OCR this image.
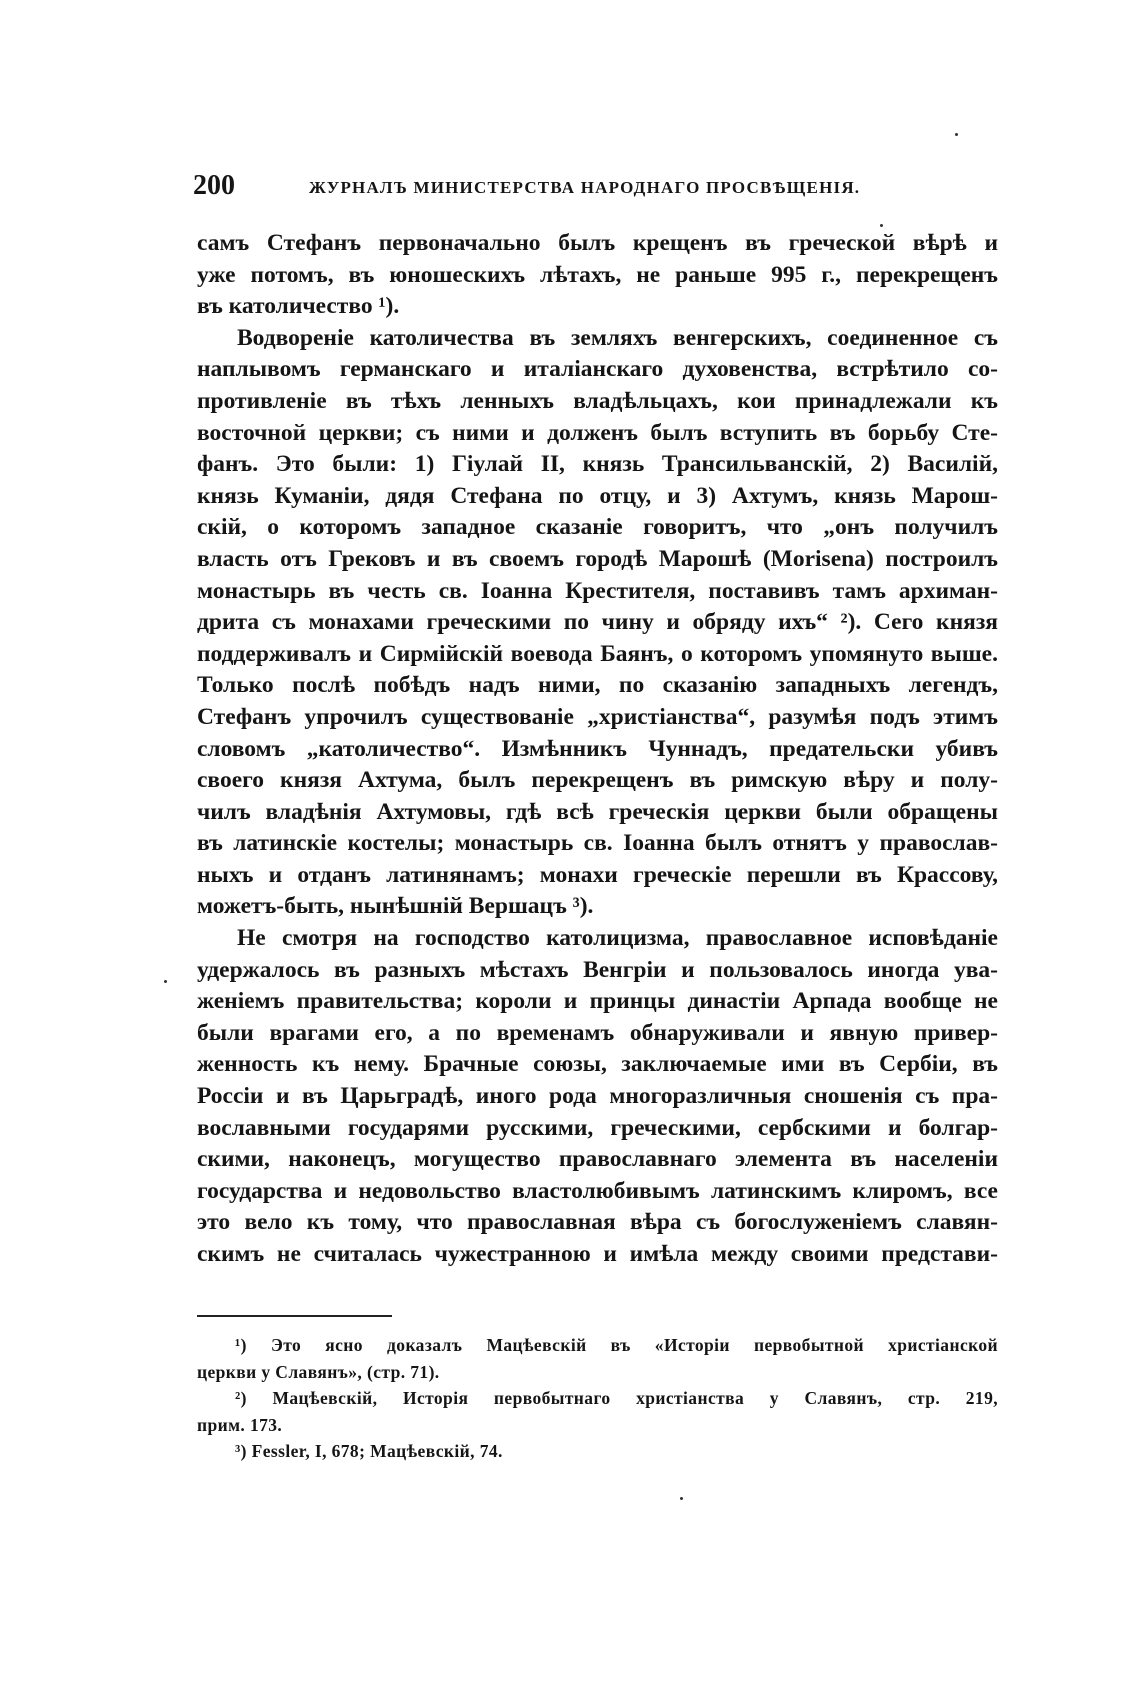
200	ЖУРНАЛЪ МИНИСТЕРСТВА НАРОДНАГО ПРОСВѢЩЕНІЯ.
самъ Стефанъ первоначально былъ крещенъ въ греческой вѣрѣ и
уже потомъ, въ юношескихъ лѣтахъ, не раньше 995 г., перекрещенъ
въ католичество ¹).
Водвореніе католичества въ земляхъ венгерскихъ, соединенное съ
наплывомъ германскаго и италіанскаго духовенства, встрѣтило со-
противленіе въ тѣхъ ленныхъ владѣльцахъ, кои принадлежали къ
восточной церкви; съ ними и долженъ былъ вступить въ борьбу Сте-
фанъ. Это были: 1) Гіулай II, князь Трансильванскій, 2) Василій,
князь Куманіи, дядя Стефана по отцу, и 3) Ахтумъ, князь Марош-
скій, о которомъ западное сказаніе говоритъ, что „онъ получилъ
власть отъ Грековъ и въ своемъ городѣ Марошѣ (Morisena) построилъ
монастырь въ честь св. Іоанна Крестителя, поставивъ тамъ архиман-
дрита съ монахами греческими по чину и обряду ихъ“ ²). Сего князя
поддерживалъ и Сирмійскій воевода Баянъ, о которомъ упомянуто выше.
Только послѣ побѣдъ надъ ними, по сказанію западныхъ легендъ,
Стефанъ упрочилъ существованіе „христіанства“, разумѣя подъ этимъ
словомъ „католичество“. Измѣнникъ Чуннадъ, предательски убивъ
своего князя Ахтума, былъ перекрещенъ въ римскую вѣру и полу-
чилъ владѣнія Ахтумовы, гдѣ всѣ греческія церкви были обращены
въ латинскіе костелы; монастырь св. Іоанна былъ отнятъ у православ-
ныхъ и отданъ латинянамъ; монахи греческіе перешли въ Крассову,
можетъ-быть, нынѣшній Вершацъ ³).
Не смотря на господство католицизма, православное исповѣданіе
удержалось въ разныхъ мѣстахъ Венгріи и пользовалось иногда ува-
женіемъ правительства; короли и принцы династіи Арпада вообще не
были врагами его, а по временамъ обнаруживали и явную привер-
женность къ нему. Брачные союзы, заключаемые ими въ Сербіи, въ
Россіи и въ Царьградѣ, иного рода многоразличныя сношенія съ пра-
вославными государями русскими, греческими, сербскими и болгар-
скими, наконецъ, могущество православнаго элемента въ населеніи
государства и недовольство властолюбивымъ латинскимъ клиромъ, все
это вело къ тому, что православная вѣра съ богослуженіемъ славян-
скимъ не считалась чужестранною и имѣла между своими представи-
¹) Это ясно доказалъ Мацѣевскій въ «Исторіи первобытной христіанской
церкви у Славянъ», (стр. 71).
²) Мацѣевскій, Исторія первобытнаго христіанства у Славянъ, стр. 219,
прим. 173.
³) Fessler, I, 678; Мацѣевскій, 74.
